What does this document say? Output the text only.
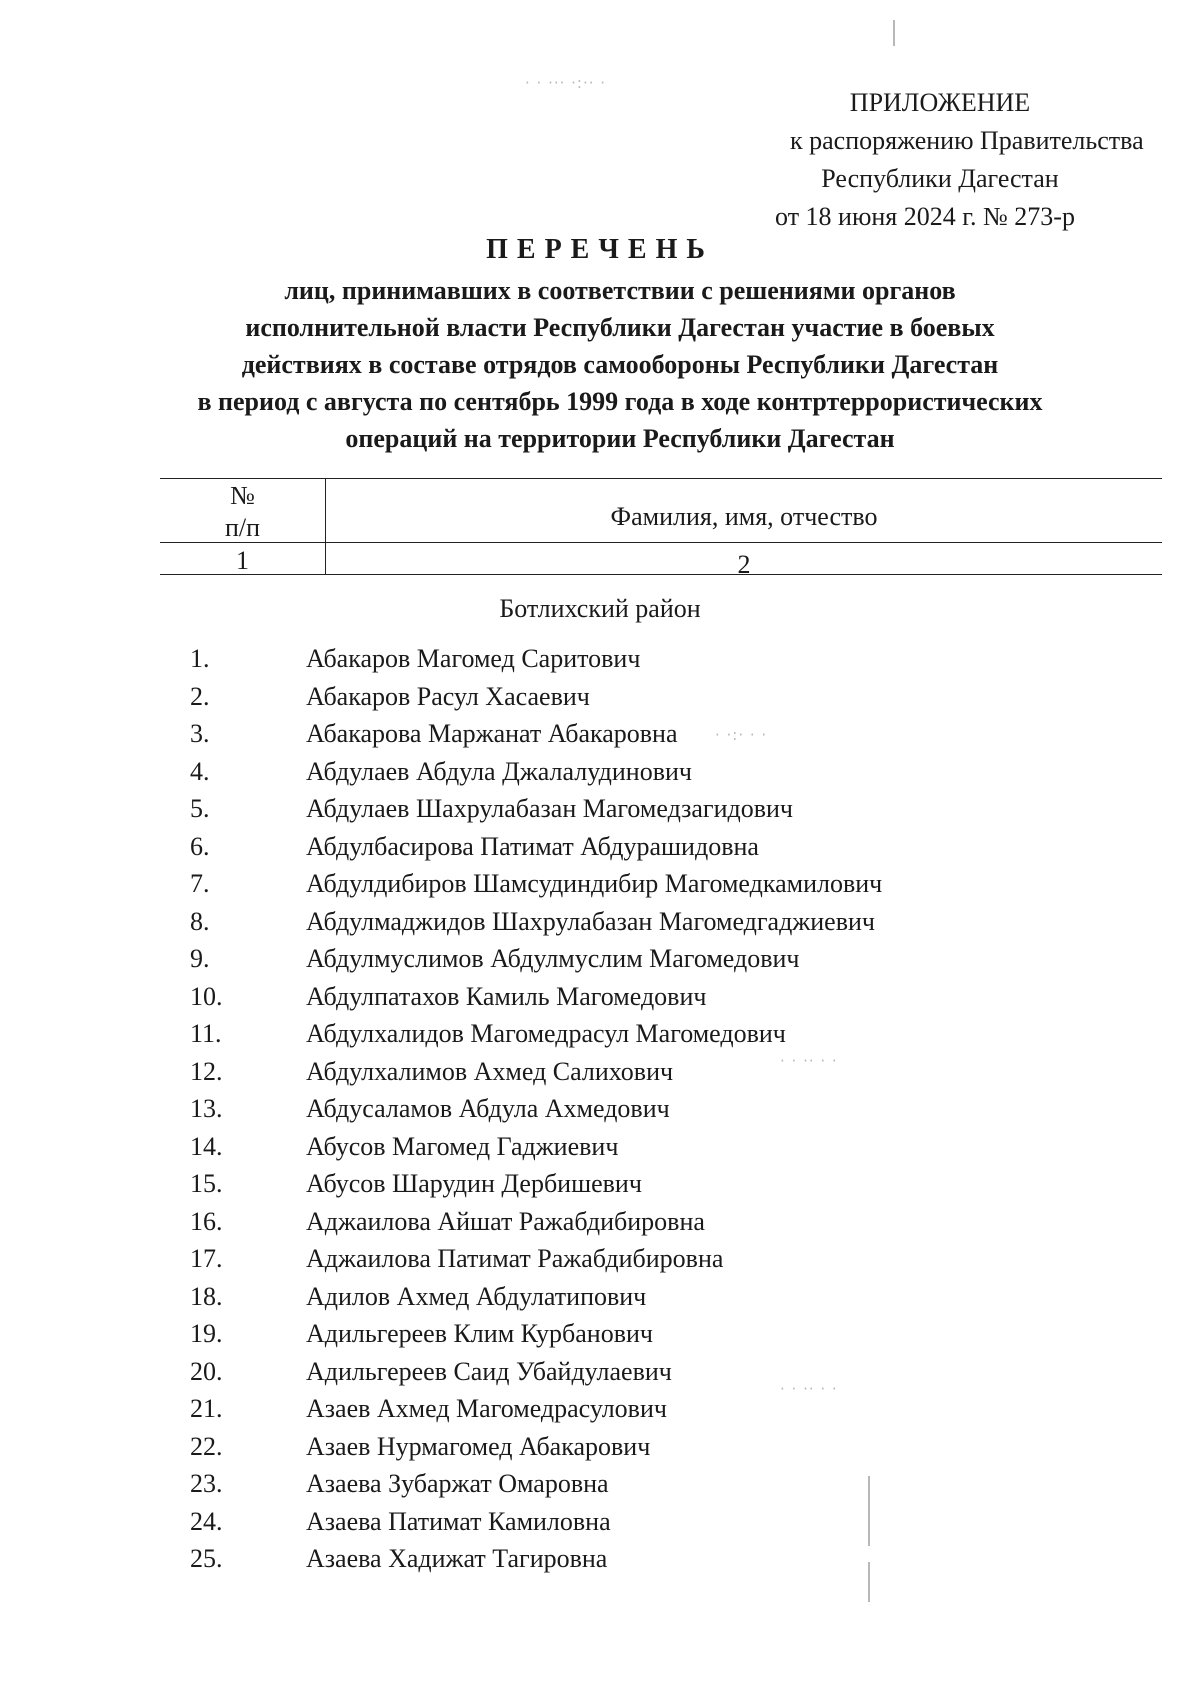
ПРИЛОЖЕНИЕ
к распоряжению Правительства
Республики Дагестан
от 18 июня 2024 г. № 273-р
ПЕРЕЧЕНЬ
лиц, принимавших в соответствии с решениями органов
исполнительной власти Республики Дагестан участие в боевых
действиях в составе отрядов самообороны Республики Дагестан
в период с августа по сентябрь 1999 года в ходе контртеррористических
операций на территории Республики Дагестан
№
п/п	Фамилия, имя, отчество
1	2
Ботлихский район
1.	Абакаров Магомед Саритович
2.	Абакаров Расул Хасаевич
3.	Абакарова Маржанат Абакаровна
4.	Абдулаев Абдула Джалалудинович
5.	Абдулаев Шахрулабазан Магомедзагидович
6.	Абдулбасирова Патимат Абдурашидовна
7.	Абдулдибиров Шамсудиндибир Магомедкамилович
8.	Абдулмаджидов Шахрулабазан Магомедгаджиевич
9.	Абдулмуслимов Абдулмуслим Магомедович
10.	Абдулпатахов Камиль Магомедович
11.	Абдулхалидов Магомедрасул Магомедович
12.	Абдулхалимов Ахмед Салихович
13.	Абдусаламов Абдула Ахмедович
14.	Абусов Магомед Гаджиевич
15.	Абусов Шарудин Дербишевич
16.	Аджаилова Айшат Ражабдибировна
17.	Аджаилова Патимат Ражабдибировна
18.	Адилов Ахмед Абдулатипович
19.	Адильгереев Клим Курбанович
20.	Адильгереев Саид Убайдулаевич
21.	Азаев Ахмед Магомедрасулович
22.	Азаев Нурмагомед Абакарович
23.	Азаева Зубаржат Омаровна
24.	Азаева Патимат Камиловна
25.	Азаева Хадижат Тагировна
· · ··· ·:·· ·
· ·:· · ·
· · ·· · ·
· · ·· · ·
